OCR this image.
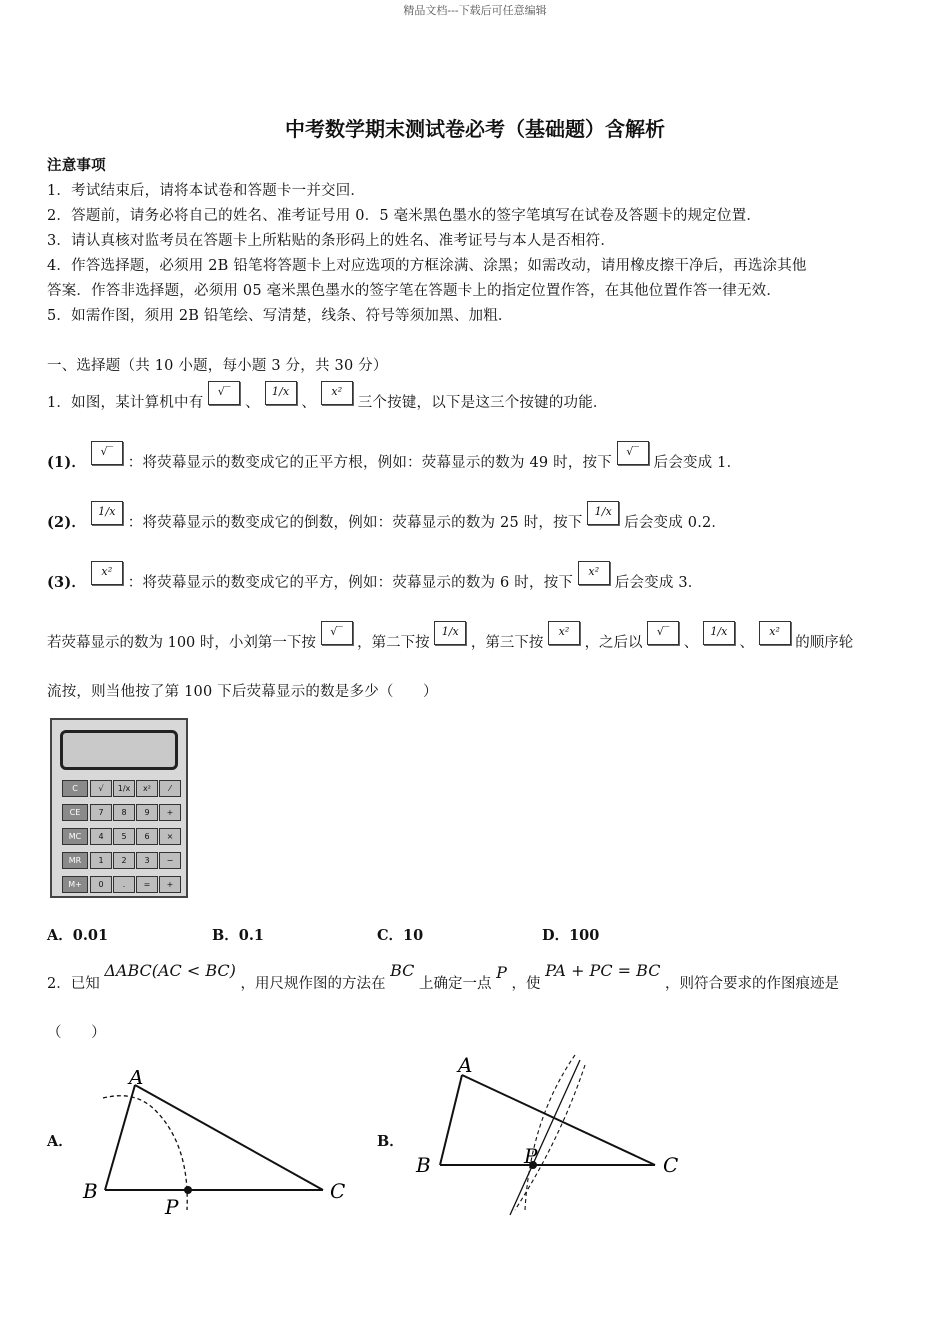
精品文档---下载后可任意编辑
中考数学期末测试卷必考（基础题）含解析
注意事项
1．考试结束后，请将本试卷和答题卡一并交回．
2．答题前，请务必将自己的姓名、准考证号用 0．5 毫米黑色墨水的签字笔填写在试卷及答题卡的规定位置．
3．请认真核对监考员在答题卡上所粘贴的条形码上的姓名、准考证号与本人是否相符．
4．作答选择题，必须用 2B 铅笔将答题卡上对应选项的方框涂满、涂黑；如需改动，请用橡皮擦干净后，再选涂其他
答案．作答非选择题，必须用 05 毫米黑色墨水的签字笔在答题卡上的指定位置作答，在其他位置作答一律无效．
5．如需作图，须用 2B 铅笔绘、写清楚，线条、符号等须加黑、加粗．
一、选择题（共 10 小题，每小题 3 分，共 30 分）
1．如图，某计算机中有 √‾ 、 1/x 、 x² 三个按键，以下是这三个按键的功能．
(1)． √‾ ：将荧幕显示的数变成它的正平方根，例如：荧幕显示的数为 49 时，按下 √‾ 后会变成 1．
(2)． 1/x ：将荧幕显示的数变成它的倒数，例如：荧幕显示的数为 25 时，按下 1/x 后会变成 0.2．
(3)． x² ：将荧幕显示的数变成它的平方，例如：荧幕显示的数为 6 时，按下 x² 后会变成 3．
若荧幕显示的数为 100 时，小刘第一下按 √‾ ，第二下按 1/x ，第三下按 x² ，之后以 √‾ 、 1/x 、 x² 的顺序轮
流按，则当他按了第 100 下后荧幕显示的数是多少（　　）
C	√	1/x	x²	⁄
CE	7	8	9	+
MC	4	5	6	×
MR	1	2	3	−
M+	0	.	=	+
A．0.01	B．0.1	C．10	D．100
2．已知 ΔABC(AC < BC) ，用尺规作图的方法在 BC 上确定一点 P ，使 PA + PC = BC ，则符合要求的作图痕迹是
（　　）
A．	B．
A
B	C
P
A
B	C
P
